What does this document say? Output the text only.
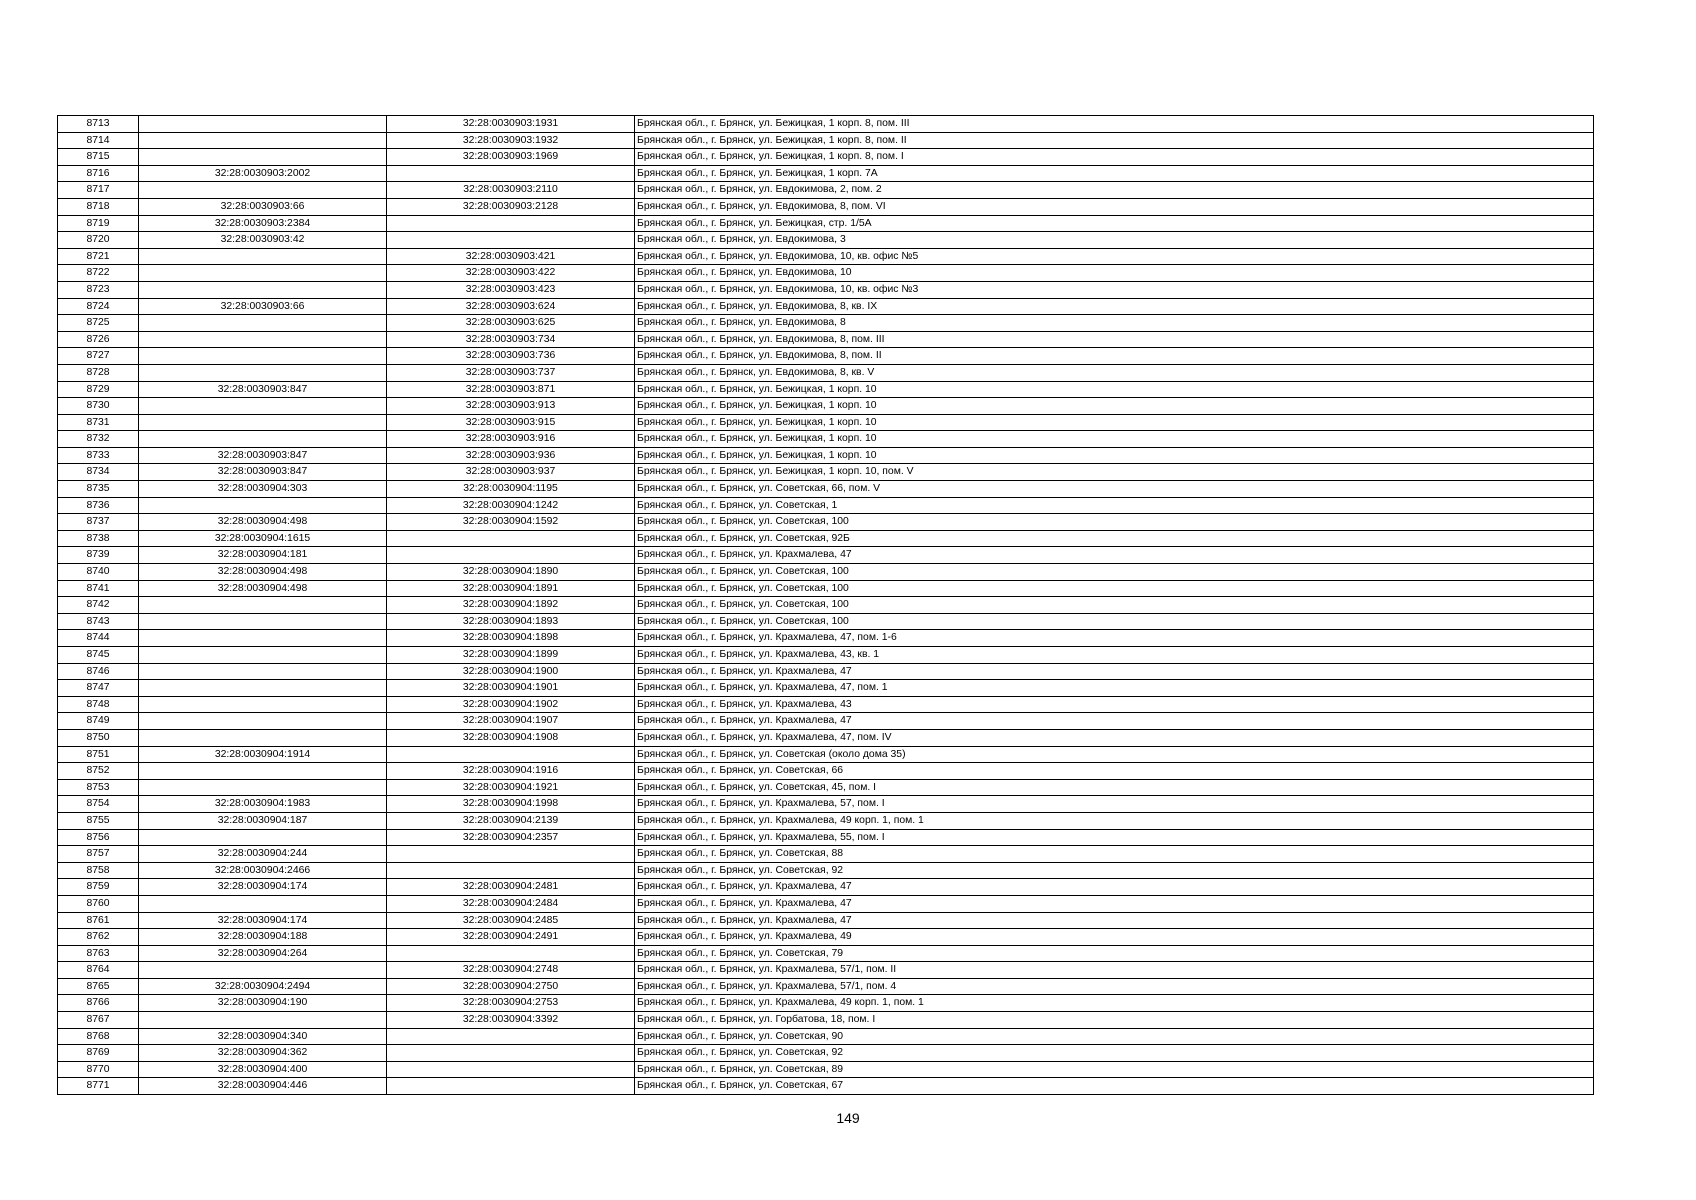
8713		32:28:0030903:1931	Брянская обл., г. Брянск, ул. Бежицкая, 1 корп. 8, пом. III
8714		32:28:0030903:1932	Брянская обл., г. Брянск, ул. Бежицкая, 1 корп. 8, пом. II
8715		32:28:0030903:1969	Брянская обл., г. Брянск, ул. Бежицкая, 1 корп. 8, пом. I
8716	32:28:0030903:2002		Брянская обл., г. Брянск, ул. Бежицкая, 1 корп. 7А
8717		32:28:0030903:2110	Брянская обл., г. Брянск, ул. Евдокимова, 2, пом. 2
8718	32:28:0030903:66	32:28:0030903:2128	Брянская обл., г. Брянск, ул. Евдокимова, 8, пом. VI
8719	32:28:0030903:2384		Брянская обл., г. Брянск, ул. Бежицкая, стр. 1/5А
8720	32:28:0030903:42		Брянская обл., г. Брянск, ул. Евдокимова, 3
8721		32:28:0030903:421	Брянская обл., г. Брянск, ул. Евдокимова, 10, кв. офис №5
8722		32:28:0030903:422	Брянская обл., г. Брянск, ул. Евдокимова, 10
8723		32:28:0030903:423	Брянская обл., г. Брянск, ул. Евдокимова, 10, кв. офис №3
8724	32:28:0030903:66	32:28:0030903:624	Брянская обл., г. Брянск, ул. Евдокимова, 8, кв. IX
8725		32:28:0030903:625	Брянская обл., г. Брянск, ул. Евдокимова, 8
8726		32:28:0030903:734	Брянская обл., г. Брянск, ул. Евдокимова, 8, пом. III
8727		32:28:0030903:736	Брянская обл., г. Брянск, ул. Евдокимова, 8, пом. II
8728		32:28:0030903:737	Брянская обл., г. Брянск, ул. Евдокимова, 8, кв. V
8729	32:28:0030903:847	32:28:0030903:871	Брянская обл., г. Брянск, ул. Бежицкая, 1 корп. 10
8730		32:28:0030903:913	Брянская обл., г. Брянск, ул. Бежицкая, 1 корп. 10
8731		32:28:0030903:915	Брянская обл., г. Брянск, ул. Бежицкая, 1 корп. 10
8732		32:28:0030903:916	Брянская обл., г. Брянск, ул. Бежицкая, 1 корп. 10
8733	32:28:0030903:847	32:28:0030903:936	Брянская обл., г. Брянск, ул. Бежицкая, 1 корп. 10
8734	32:28:0030903:847	32:28:0030903:937	Брянская обл., г. Брянск, ул. Бежицкая, 1 корп. 10, пом. V
8735	32:28:0030904:303	32:28:0030904:1195	Брянская обл., г. Брянск, ул. Советская, 66, пом. V
8736		32:28:0030904:1242	Брянская обл., г. Брянск, ул. Советская, 1
8737	32:28:0030904:498	32:28:0030904:1592	Брянская обл., г. Брянск, ул. Советская, 100
8738	32:28:0030904:1615		Брянская обл., г. Брянск, ул. Советская, 92Б
8739	32:28:0030904:181		Брянская обл., г. Брянск, ул. Крахмалева, 47
8740	32:28:0030904:498	32:28:0030904:1890	Брянская обл., г. Брянск, ул. Советская, 100
8741	32:28:0030904:498	32:28:0030904:1891	Брянская обл., г. Брянск, ул. Советская, 100
8742		32:28:0030904:1892	Брянская обл., г. Брянск, ул. Советская, 100
8743		32:28:0030904:1893	Брянская обл., г. Брянск, ул. Советская, 100
8744		32:28:0030904:1898	Брянская обл., г. Брянск, ул. Крахмалева, 47, пом. 1-6
8745		32:28:0030904:1899	Брянская обл., г. Брянск, ул. Крахмалева, 43, кв. 1
8746		32:28:0030904:1900	Брянская обл., г. Брянск, ул. Крахмалева, 47
8747		32:28:0030904:1901	Брянская обл., г. Брянск, ул. Крахмалева, 47, пом. 1
8748		32:28:0030904:1902	Брянская обл., г. Брянск, ул. Крахмалева, 43
8749		32:28:0030904:1907	Брянская обл., г. Брянск, ул. Крахмалева, 47
8750		32:28:0030904:1908	Брянская обл., г. Брянск, ул. Крахмалева, 47, пом. IV
8751	32:28:0030904:1914		Брянская обл., г. Брянск, ул. Советская (около дома 35)
8752		32:28:0030904:1916	Брянская обл., г. Брянск, ул. Советская, 66
8753		32:28:0030904:1921	Брянская обл., г. Брянск, ул. Советская, 45, пом. I
8754	32:28:0030904:1983	32:28:0030904:1998	Брянская обл., г. Брянск, ул. Крахмалева, 57, пом. I
8755	32:28:0030904:187	32:28:0030904:2139	Брянская обл., г. Брянск, ул. Крахмалева, 49 корп. 1, пом. 1
8756		32:28:0030904:2357	Брянская обл., г. Брянск, ул. Крахмалева, 55, пом. I
8757	32:28:0030904:244		Брянская обл., г. Брянск, ул. Советская, 88
8758	32:28:0030904:2466		Брянская обл., г. Брянск, ул. Советская, 92
8759	32:28:0030904:174	32:28:0030904:2481	Брянская обл., г. Брянск, ул. Крахмалева, 47
8760		32:28:0030904:2484	Брянская обл., г. Брянск, ул. Крахмалева, 47
8761	32:28:0030904:174	32:28:0030904:2485	Брянская обл., г. Брянск, ул. Крахмалева, 47
8762	32:28:0030904:188	32:28:0030904:2491	Брянская обл., г. Брянск, ул. Крахмалева, 49
8763	32:28:0030904:264		Брянская обл., г. Брянск, ул. Советская, 79
8764		32:28:0030904:2748	Брянская обл., г. Брянск, ул. Крахмалева, 57/1, пом. II
8765	32:28:0030904:2494	32:28:0030904:2750	Брянская обл., г. Брянск, ул. Крахмалева, 57/1, пом. 4
8766	32:28:0030904:190	32:28:0030904:2753	Брянская обл., г. Брянск, ул. Крахмалева, 49 корп. 1, пом. 1
8767		32:28:0030904:3392	Брянская обл., г. Брянск, ул. Горбатова, 18, пом. I
8768	32:28:0030904:340		Брянская обл., г. Брянск, ул. Советская, 90
8769	32:28:0030904:362		Брянская обл., г. Брянск, ул. Советская, 92
8770	32:28:0030904:400		Брянская обл., г. Брянск, ул. Советская, 89
8771	32:28:0030904:446		Брянская обл., г. Брянск, ул. Советская, 67
149
